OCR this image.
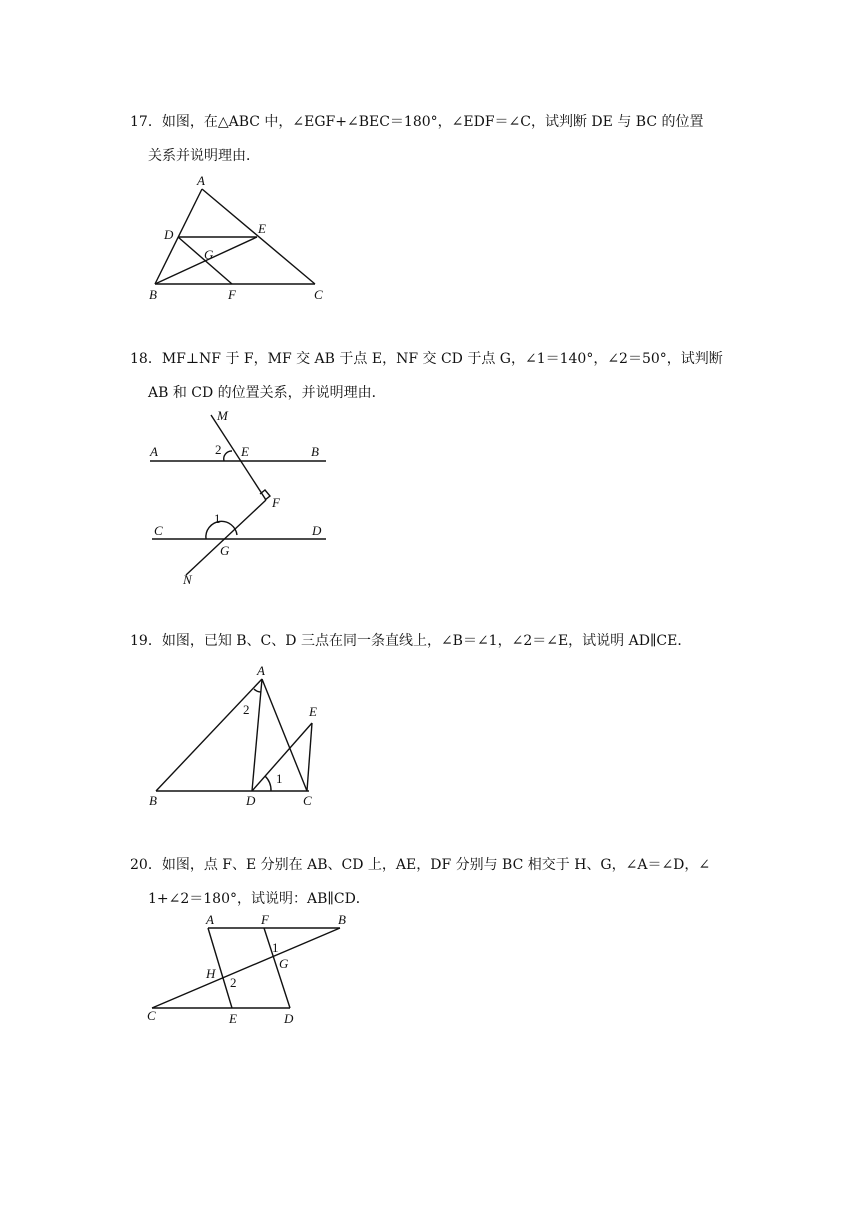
17．如图，在△ABC 中，∠EGF+∠BEC＝180°，∠EDF＝∠C，试判断 DE 与 BC 的位置
关系并说明理由．
A
D	E
G
B	F	C
18．MF⊥NF 于 F，MF 交 AB 于点 E，NF 交 CD 于点 G，∠1＝140°，∠2＝50°，试判断
AB 和 CD 的位置关系，并说明理由．
M
A	2 E	B
F
C
1
D
G
N
19．如图，已知 B、C、D 三点在同一条直线上，∠B＝∠1，∠2＝∠E，试说明 AD∥CE．
A
2	E
1
B	D	C
20．如图，点 F、E 分别在 AB、CD 上，AE，DF 分别与 BC 相交于 H、G，∠A＝∠D，∠
1+∠2＝180°，试说明：AB∥CD．
A	F	B
1
G
H
2
C	E	D
